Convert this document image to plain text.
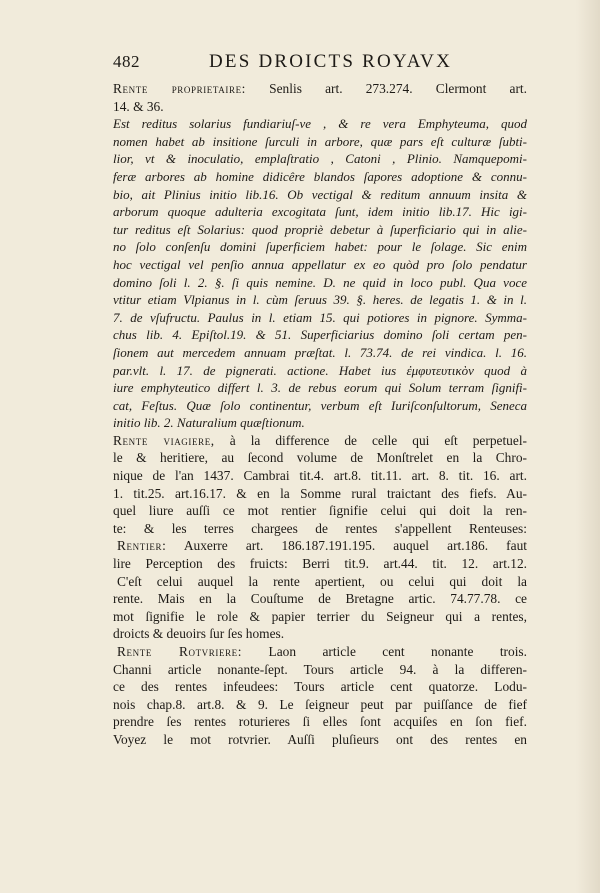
482	DES DROICTS ROYAVX
Rente proprietaire: Senlis art. 273.274. Clermont art.
14. & 36.
Est reditus solarius fundiariuſ-ve , & re vera Emphyteuma, quod
nomen habet ab insitione ſurculi in arbore, quæ pars eſt culturæ ſubti-
lior, vt & inoculatio, emplaſtratio , Catoni , Plinio. Namquepomi-
feræ arbores ab homine didicêre blandos ſapores adoptione & connu-
bio, ait Plinius initio lib.16. Ob vectigal & reditum annuum insita &
arborum quoque adulteria excogitata ſunt, idem initio lib.17. Hic igi-
tur reditus eſt Solarius: quod propriè debetur à ſuperficiario qui in alie-
no ſolo conſenſu domini ſuperficiem habet: pour le ſolage. Sic enim
hoc vectigal vel penſio annua appellatur ex eo quòd pro ſolo pendatur
domino ſoli l. 2. §. ſi quis nemine. D. ne quid in loco publ. Qua voce
vtitur etiam Vlpianus in l. cùm ſeruus 39. §. heres. de legatis 1. & in l.
7. de vſufructu. Paulus in l. etiam 15. qui potiores in pignore. Symma-
chus lib. 4. Epiſtol.19. & 51. Superficiarius domino ſoli certam pen-
ſionem aut mercedem annuam præſtat. l. 73.74. de rei vindica. l. 16.
par.vlt. l. 17. de pignerati. actione. Habet ius ἐμφυτευτικὸν quod à
iure emphyteutico differt l. 3. de rebus eorum qui Solum terram ſignifi-
cat, Feſtus. Quæ ſolo continentur, verbum eſt Iuriſconſultorum, Seneca
initio lib. 2. Naturalium quæſtionum.
Rente viagiere, à la difference de celle qui eſt perpetuel-
le & heritiere, au ſecond volume de Monſtrelet en la Chro-
nique de l'an 1437. Cambrai tit.4. art.8. tit.11. art. 8. tit. 16. art.
1. tit.25. art.16.17. & en la Somme rural traictant des fiefs. Au-
quel liure auſſi ce mot rentier ſignifie celui qui doit la ren-
te: & les terres chargees de rentes s'appellent Renteuses:
Rentier: Auxerre art. 186.187.191.195. auquel art.186. faut
lire Perception des fruicts: Berri tit.9. art.44. tit. 12. art.12.
C'eſt celui auquel la rente apertient, ou celui qui doit la
rente. Mais en la Couſtume de Bretagne artic. 74.77.78. ce
mot ſignifie le role & papier terrier du Seigneur qui a rentes,
droicts & deuoirs ſur ſes homes.
Rente Rotvriere: Laon article cent nonante trois.
Channi article nonante-ſept. Tours article 94. à la differen-
ce des rentes infeudees: Tours article cent quatorze. Lodu-
nois chap.8. art.8. & 9. Le ſeigneur peut par puiſſance de fief
prendre ſes rentes roturieres ſi elles ſont acquiſes en ſon fief.
Voyez le mot rotvrier. Auſſi pluſieurs ont des rentes en
